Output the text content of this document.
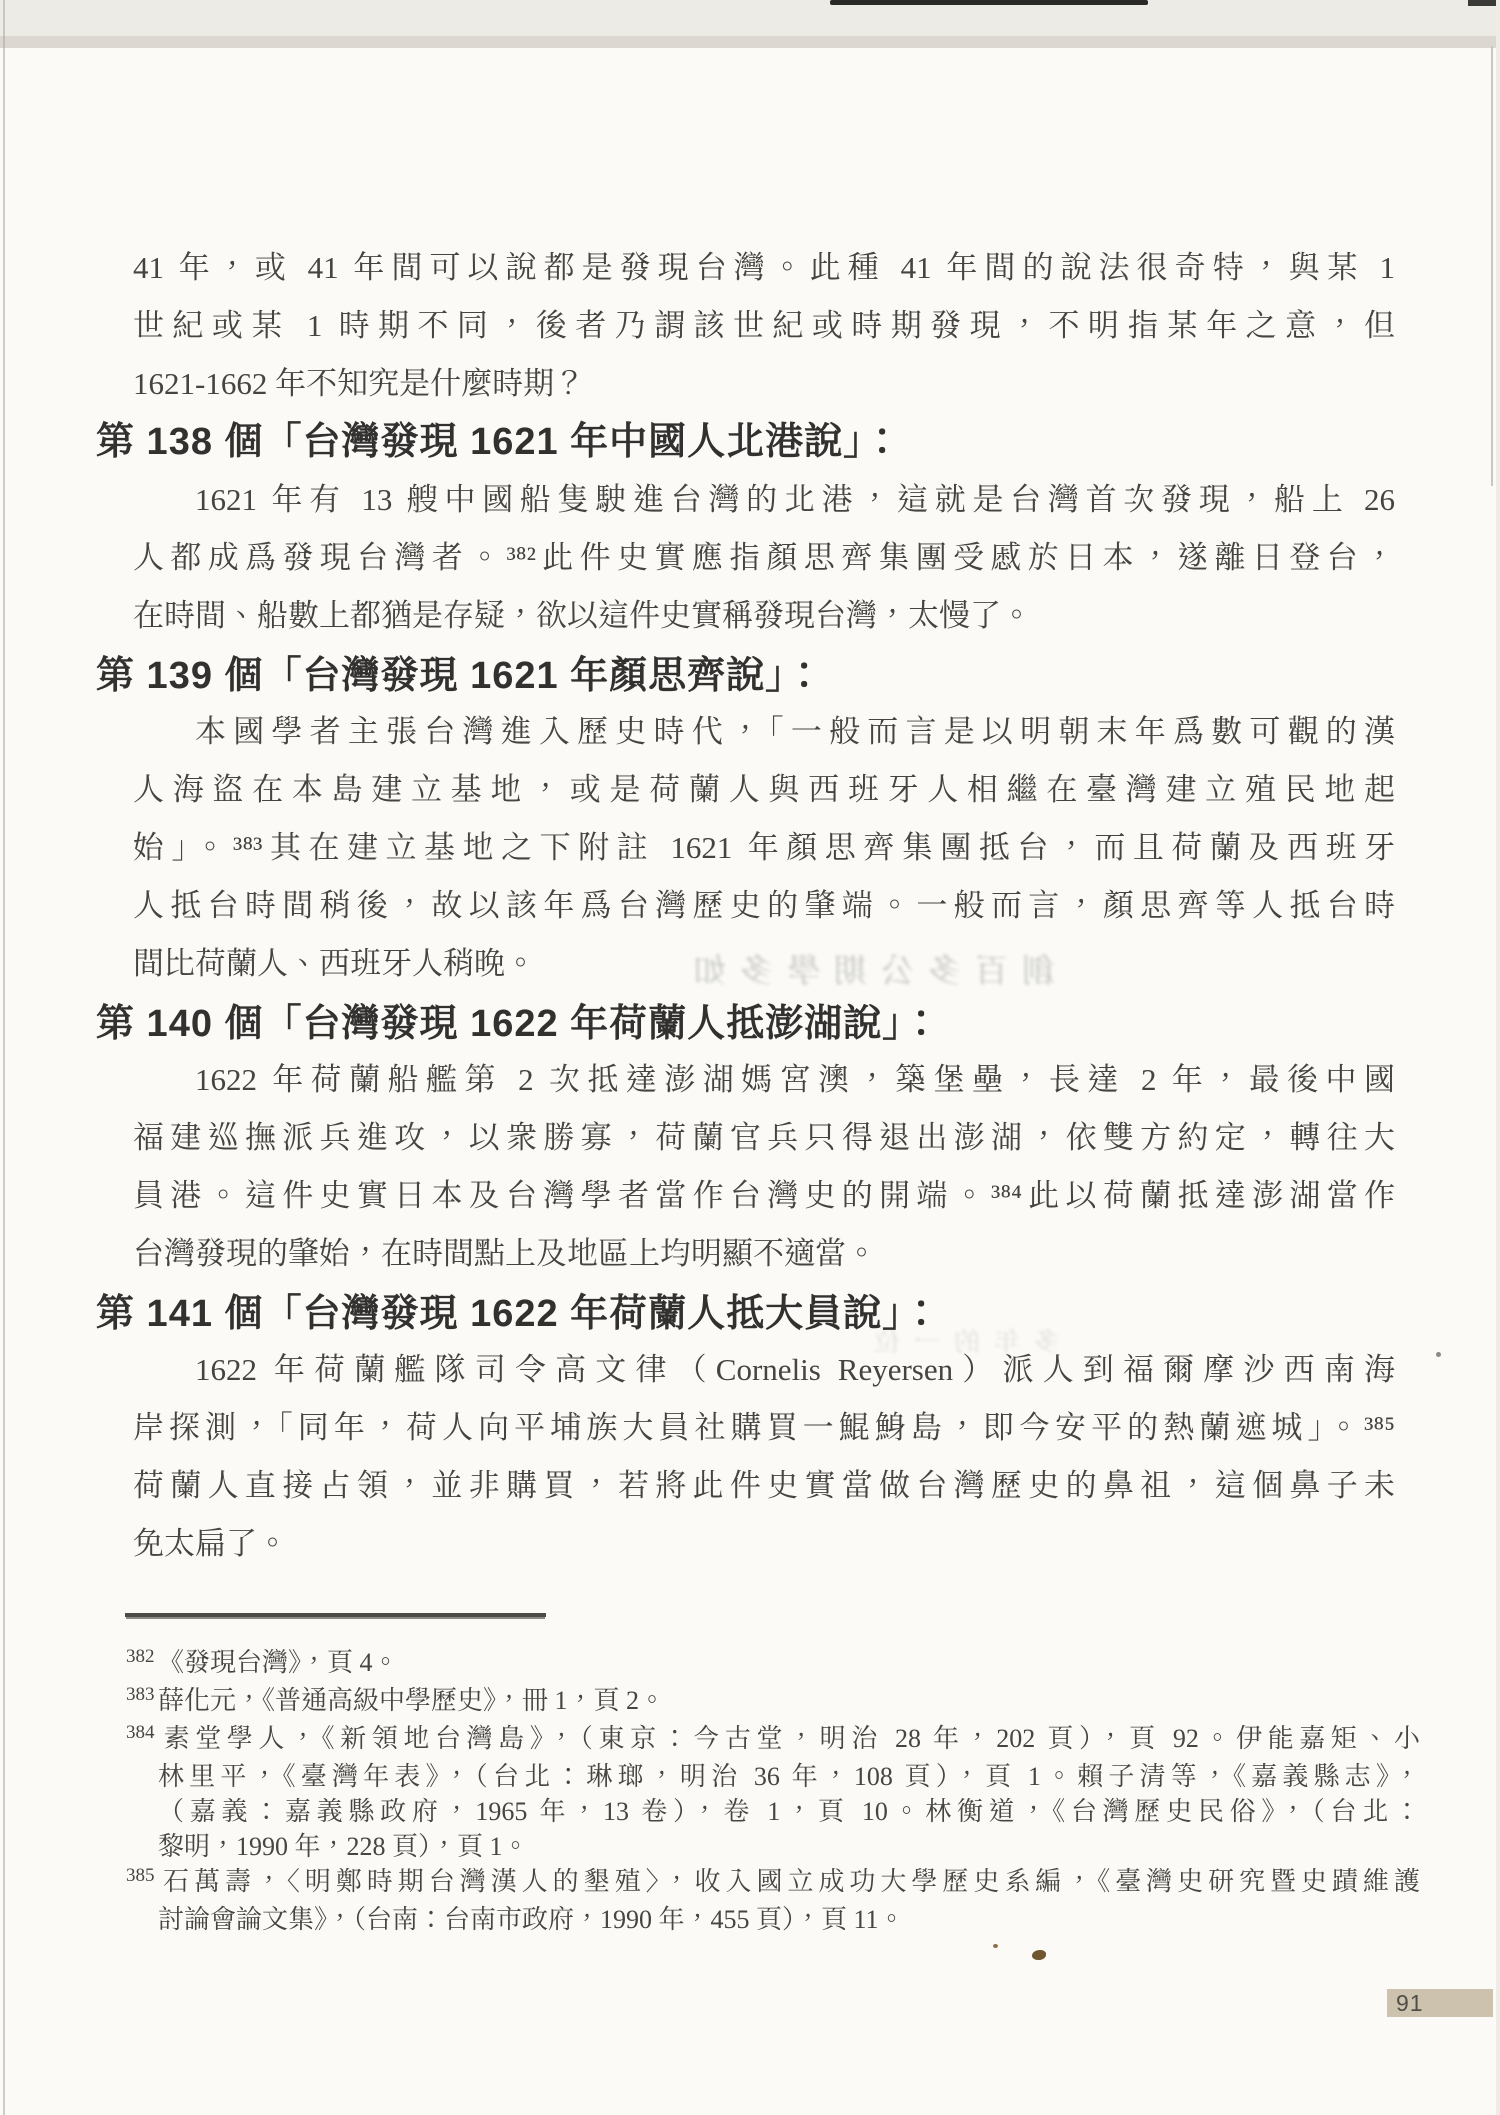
創百多公期學多如
多年的一位
41 年，或 41 年間可以說都是發現台灣。此種 41 年間的說法很奇特，與某 1
世紀或某 1 時期不同，後者乃謂該世紀或時期發現，不明指某年之意，但
1621-1662 年不知究是什麼時期？
第 138 個「台灣發現 1621 年中國人北港說」：
1621 年有 13 艘中國船隻駛進台灣的北港，這就是台灣首次發現，船上 26
人都成爲發現台灣者。³⁸²此件史實應指顏思齊集團受慼於日本，遂離日登台，
在時間、船數上都猶是存疑，欲以這件史實稱發現台灣，太慢了。
第 139 個「台灣發現 1621 年顏思齊說」：
本國學者主張台灣進入歷史時代，「一般而言是以明朝末年爲數可觀的漢
人海盜在本島建立基地，或是荷蘭人與西班牙人相繼在臺灣建立殖民地起
始」。³⁸³其在建立基地之下附註 1621 年顏思齊集團抵台，而且荷蘭及西班牙
人抵台時間稍後，故以該年爲台灣歷史的肇端。一般而言，顏思齊等人抵台時
間比荷蘭人、西班牙人稍晚。
第 140 個「台灣發現 1622 年荷蘭人抵澎湖說」：
1622 年荷蘭船艦第 2 次抵達澎湖媽宮澳，築堡壘，長達 2 年，最後中國
福建巡撫派兵進攻，以衆勝寡，荷蘭官兵只得退出澎湖，依雙方約定，轉往大
員港。這件史實日本及台灣學者當作台灣史的開端。³⁸⁴此以荷蘭抵達澎湖當作
台灣發現的肇始，在時間點上及地區上均明顯不適當。
第 141 個「台灣發現 1622 年荷蘭人抵大員說」：
1622 年荷蘭艦隊司令高文律（Cornelis Reyersen）派人到福爾摩沙西南海
岸探測，「同年，荷人向平埔族大員社購買一鯤鯓島，即今安平的熱蘭遮城」。³⁸⁵
荷蘭人直接占領，並非購買，若將此件史實當做台灣歷史的鼻祖，這個鼻子未
免太扁了。
382 《發現台灣》，頁 4。
383 薛化元，《普通高級中學歷史》，冊 1，頁 2。
384 素堂學人，《新領地台灣島》，（東京：今古堂，明治 28 年，202 頁），頁 92。伊能嘉矩、小
林里平，《臺灣年表》，（台北：琳瑯，明治 36 年，108 頁），頁 1。賴子清等，《嘉義縣志》，
（嘉義：嘉義縣政府，1965 年，13 卷），卷 1，頁 10。林衡道，《台灣歷史民俗》，（台北：
黎明，1990 年，228 頁），頁 1。
385 石萬壽，〈明鄭時期台灣漢人的墾殖〉，收入國立成功大學歷史系編，《臺灣史研究暨史蹟維護
討論會論文集》，（台南：台南市政府，1990 年，455 頁），頁 11。
91
